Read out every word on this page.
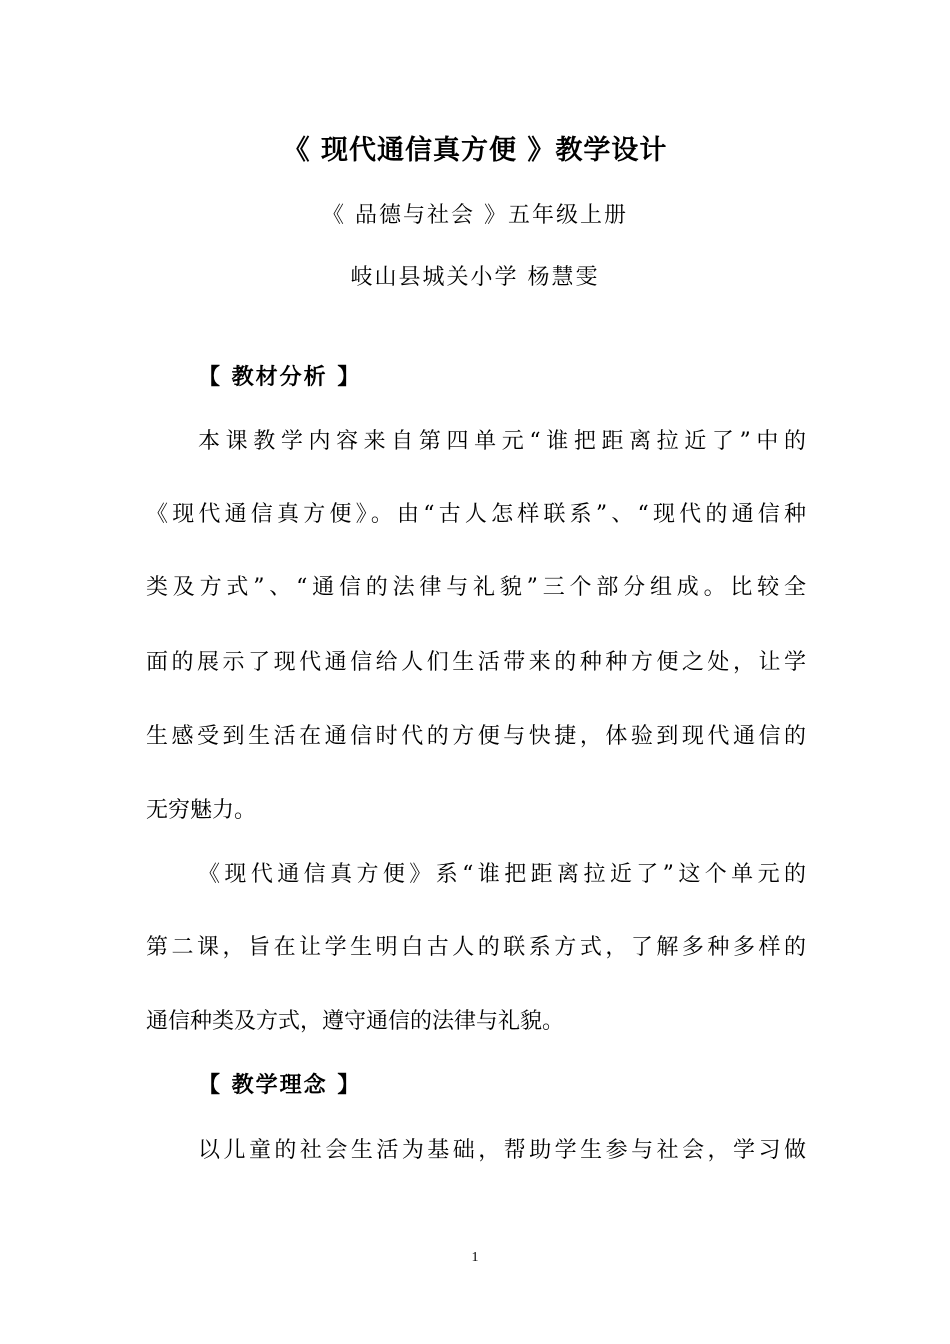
《 现代通信真方便 》教学设计
《 品德与社会 》五年级上册
岐山县城关小学 杨慧雯
【 教材分析 】
本课教学内容来自第四单元“谁把距离拉近了”中的
《现代通信真方便》。由“古人怎样联系”、“现代的通信种
类及方式”、“通信的法律与礼貌”三个部分组成。比较全
面的展示了现代通信给人们生活带来的种种方便之处，让学
生感受到生活在通信时代的方便与快捷，体验到现代通信的
无穷魅力。
《现代通信真方便》系“谁把距离拉近了”这个单元的
第二课，旨在让学生明白古人的联系方式，了解多种多样的
通信种类及方式，遵守通信的法律与礼貌。
【 教学理念 】
以儿童的社会生活为基础，帮助学生参与社会，学习做
1
